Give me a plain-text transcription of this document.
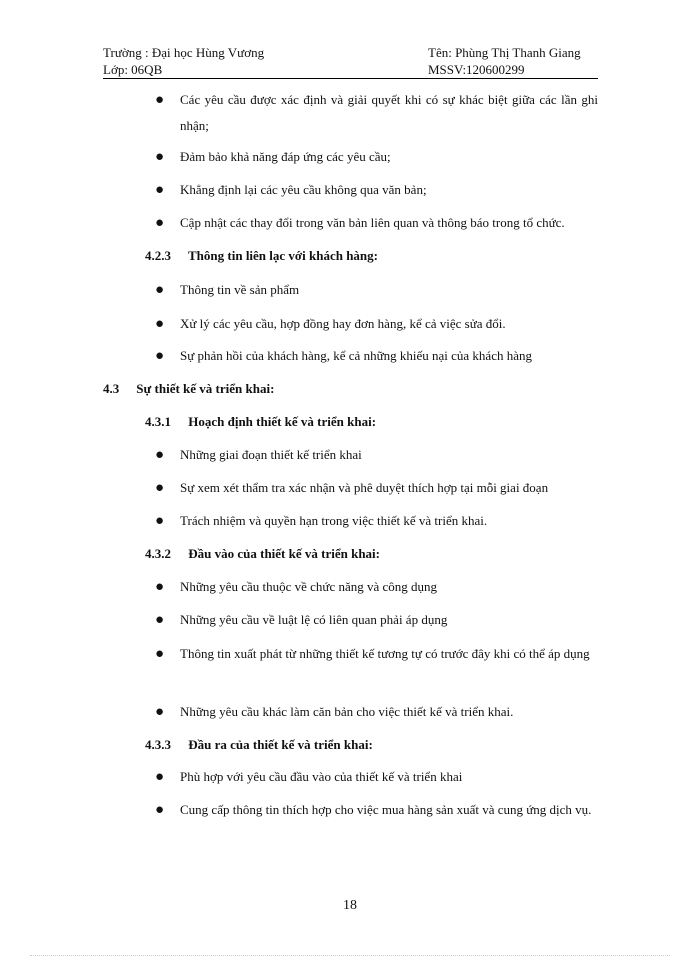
Trường : Đại học Hùng Vương	Tên: Phùng Thị Thanh Giang
Lớp: 06QB	MSSV:120600299
● Các yêu cầu được xác định và giải quyết khi có sự khác biệt giữa các lần ghi nhận;
● Đảm bảo khả năng đáp ứng các yêu cầu;
● Khẳng định lại các yêu cầu không qua văn bản;
● Cập nhật các thay đổi trong văn bản liên quan và thông báo trong tổ chức.
4.2.3 Thông tin liên lạc với khách hàng:
● Thông tin về sản phẩm
● Xử lý các yêu cầu, hợp đồng hay đơn hàng, kể cả việc sửa đổi.
● Sự phản hồi của khách hàng, kể cả những khiếu nại của khách hàng
4.3 Sự thiết kế và triển khai:
4.3.1 Hoạch định thiết kế và triển khai:
● Những giai đoạn thiết kế triển khai
● Sự xem xét thẩm tra xác nhận và phê duyệt thích hợp tại mỗi giai đoạn
● Trách nhiệm và quyền hạn trong việc thiết kế và triển khai.
4.3.2 Đầu vào của thiết kế và triển khai:
● Những yêu cầu thuộc về chức năng và công dụng
● Những yêu cầu về luật lệ có liên quan phải áp dụng
● Thông tin xuất phát từ những thiết kế tương tự có trước đây khi có thể áp dụng
● Những yêu cầu khác làm căn bản cho việc thiết kế và triển khai.
4.3.3 Đầu ra của thiết kế và triển khai:
● Phù hợp với yêu cầu đầu vào của thiết kế và triển khai
● Cung cấp thông tin thích hợp cho việc mua hàng sản xuất và cung ứng dịch vụ.
18
